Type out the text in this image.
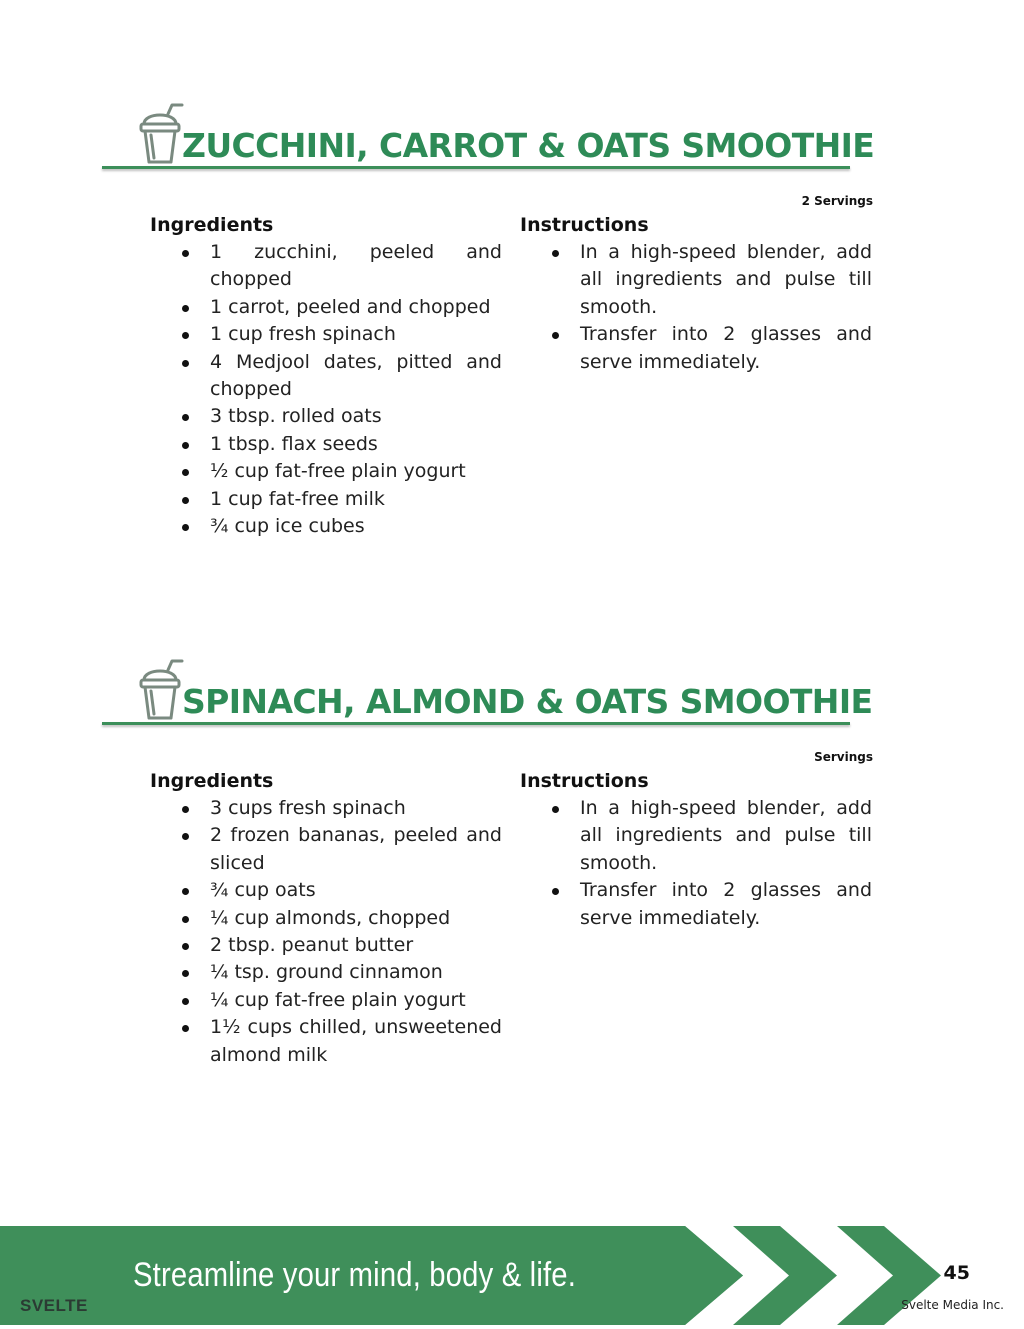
ZUCCHINI, CARROT & OATS SMOOTHIE
2 Servings
Ingredients
1 zucchini, peeled and chopped
1 carrot, peeled and chopped
1 cup fresh spinach
4 Medjool dates, pitted and chopped
3 tbsp. rolled oats
1 tbsp. flax seeds
½ cup fat-free plain yogurt
1 cup fat-free milk
¾ cup ice cubes
Instructions
In a high-speed blender, add all ingredients and pulse till smooth.
Transfer into 2 glasses and serve immediately.
SPINACH, ALMOND & OATS SMOOTHIE
Servings
Ingredients
3 cups fresh spinach
2 frozen bananas, peeled and sliced
¾ cup oats
¼ cup almonds, chopped
2 tbsp. peanut butter
¼ tsp. ground cinnamon
¼ cup fat-free plain yogurt
1½ cups chilled, unsweetened almond milk
Instructions
In a high-speed blender, add all ingredients and pulse till smooth.
Transfer into 2 glasses and serve immediately.
Streamline your mind, body & life.
SVELTE
45
Svelte Media Inc.
